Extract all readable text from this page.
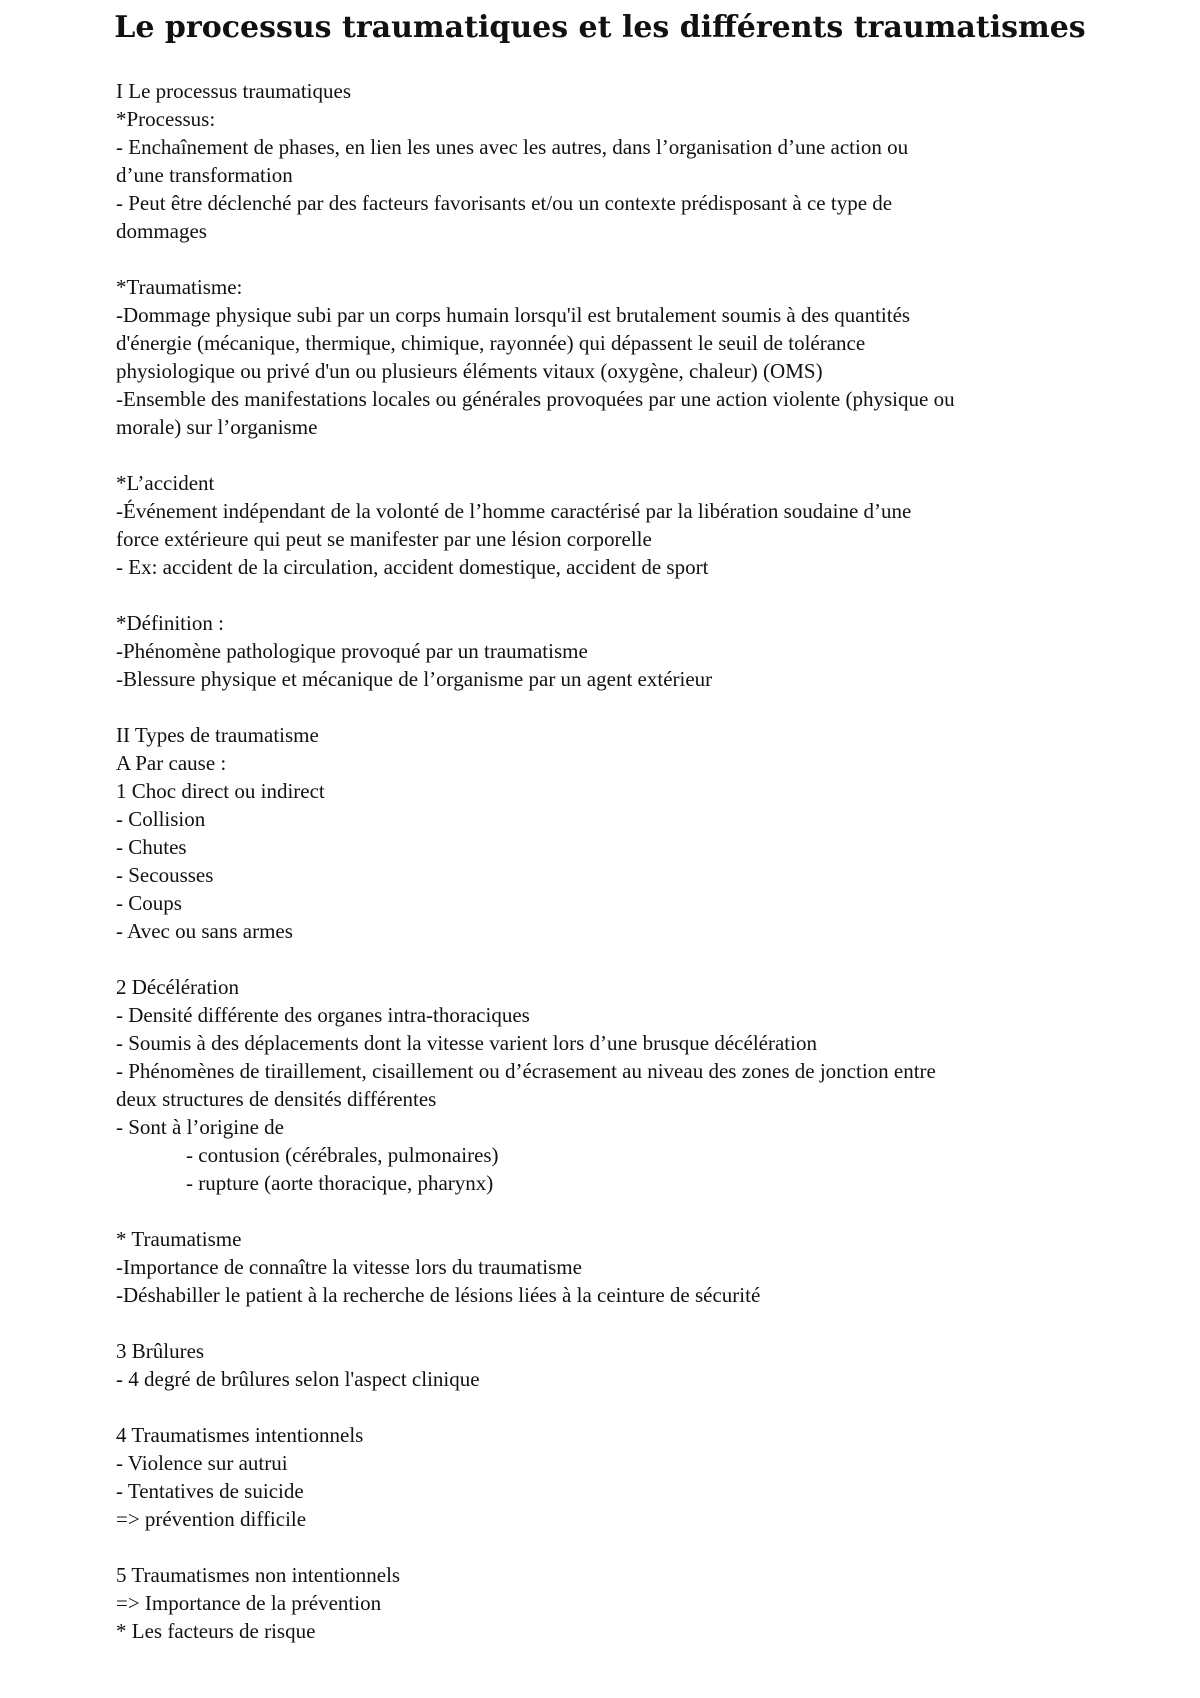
Le processus traumatiques et les différents traumatismes
I Le processus traumatiques
*Processus:
- Enchaînement de phases, en lien les unes avec les autres, dans l’organisation d’une action ou
d’une transformation
- Peut être déclenché par des facteurs favorisants et/ou un contexte prédisposant à ce type de
dommages
*Traumatisme:
-Dommage physique subi par un corps humain lorsqu'il est brutalement soumis à des quantités
d'énergie (mécanique, thermique, chimique, rayonnée) qui dépassent le seuil de tolérance
physiologique ou privé d'un ou plusieurs éléments vitaux (oxygène, chaleur) (OMS)
-Ensemble des manifestations locales ou générales provoquées par une action violente (physique ou
morale) sur l’organisme
*L’accident
-Événement indépendant de la volonté de l’homme caractérisé par la libération soudaine d’une
force extérieure qui peut se manifester par une lésion corporelle
- Ex: accident de la circulation, accident domestique, accident de sport
*Définition :
-Phénomène pathologique provoqué par un traumatisme
-Blessure physique et mécanique de l’organisme par un agent extérieur
II Types de traumatisme
A Par cause :
1 Choc direct ou indirect
- Collision
- Chutes
- Secousses
- Coups
- Avec ou sans armes
2 Décélération
- Densité différente des organes intra-thoraciques
- Soumis à des déplacements dont la vitesse varient lors d’une brusque décélération
- Phénomènes de tiraillement, cisaillement ou d’écrasement au niveau des zones de jonction entre
deux structures de densités différentes
- Sont à l’origine de
- contusion (cérébrales, pulmonaires)
- rupture (aorte thoracique, pharynx)
* Traumatisme
-Importance de connaître la vitesse lors du traumatisme
-Déshabiller le patient à la recherche de lésions liées à la ceinture de sécurité
3 Brûlures
- 4 degré de brûlures selon l'aspect clinique
4 Traumatismes intentionnels
- Violence sur autrui
- Tentatives de suicide
=> prévention difficile
5 Traumatismes non intentionnels
=> Importance de la prévention
* Les facteurs de risque
